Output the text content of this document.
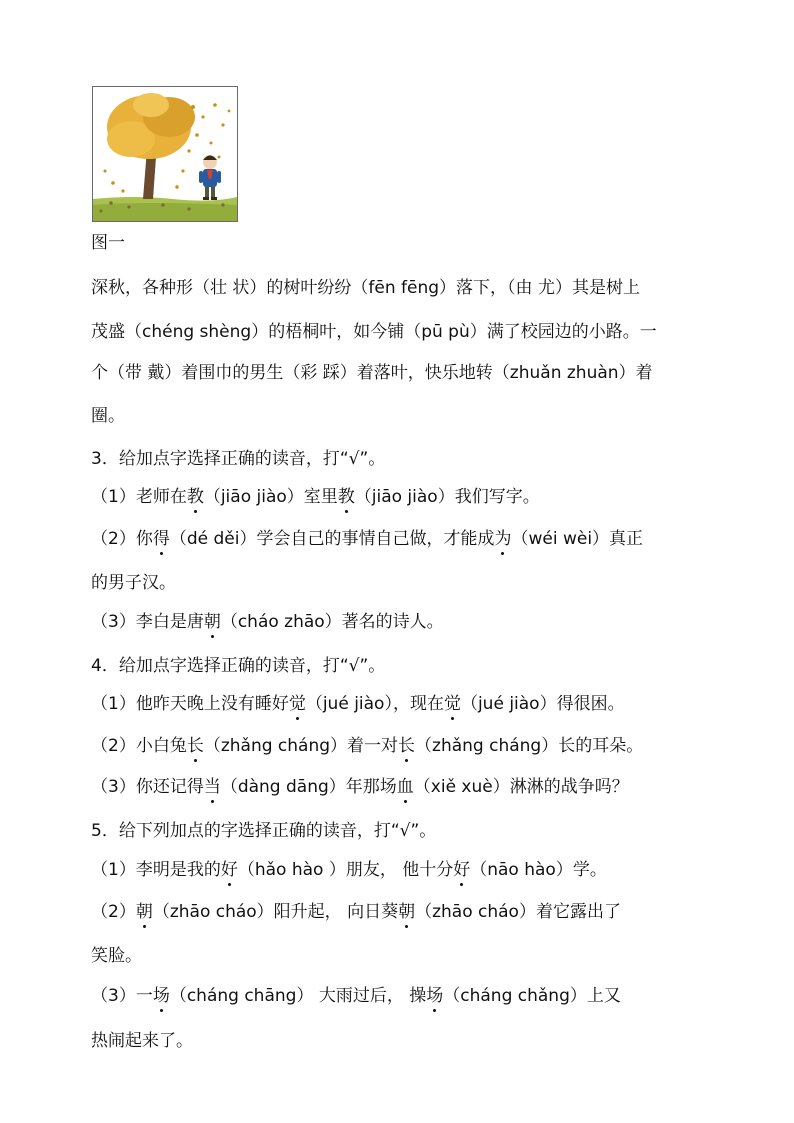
图一
深秋，各种形（壮 状）的树叶纷纷（fēn fēng）落下，（由 尤）其是树上
茂盛（chéng shèng）的梧桐叶，如今铺（pū pù）满了校园边的小路。一
个（带 戴）着围巾的男生（彩 踩）着落叶，快乐地转（zhuǎn zhuàn）着
圈。
3．给加点字选择正确的读音，打“√”。
（1）老师在教（jiāo jiào）室里教（jiāo jiào）我们写字。
（2）你得（dé děi）学会自己的事情自己做，才能成为（wéi wèi）真正
的男子汉。
（3）李白是唐朝（cháo zhāo）著名的诗人。
4．给加点字选择正确的读音，打“√”。
（1）他昨天晚上没有睡好觉（jué jiào），现在觉（jué jiào）得很困。
（2）小白兔长（zhǎng cháng）着一对长（zhǎng cháng）长的耳朵。
（3）你还记得当（dàng dāng）年那场血（xiě xuè）淋淋的战争吗？
5．给下列加点的字选择正确的读音，打“√”。
（1）李明是我的好（hǎo hào ）朋友， 他十分好（nāo hào）学。
（2）朝（zhāo cháo）阳升起， 向日葵朝（zhāo cháo）着它露出了
笑脸。
（3）一场（cháng chāng） 大雨过后， 操场（cháng chǎng）上又
热闹起来了。
